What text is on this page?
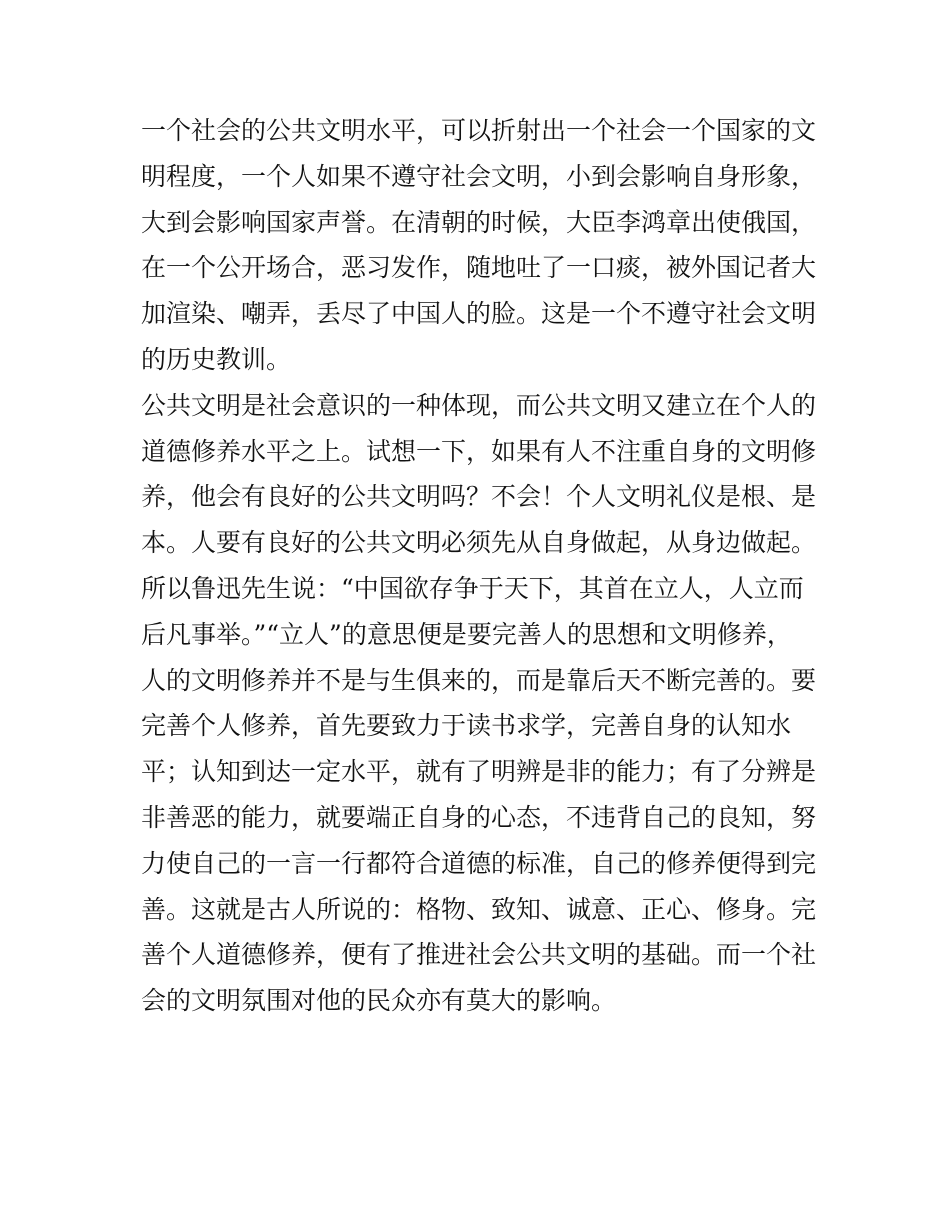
一个社会的公共文明水平，可以折射出一个社会一个国家的文
明程度，一个人如果不遵守社会文明，小到会影响自身形象，
大到会影响国家声誉。在清朝的时候，大臣李鸿章出使俄国，
在一个公开场合，恶习发作，随地吐了一口痰，被外国记者大
加渲染、嘲弄，丢尽了中国人的脸。这是一个不遵守社会文明
的历史教训。
公共文明是社会意识的一种体现，而公共文明又建立在个人的
道德修养水平之上。试想一下，如果有人不注重自身的文明修
养，他会有良好的公共文明吗？不会！个人文明礼仪是根、是
本。人要有良好的公共文明必须先从自身做起，从身边做起。
所以鲁迅先生说：“中国欲存争于天下，其首在立人，人立而
后凡事举。”“立人”的意思便是要完善人的思想和文明修养，
人的文明修养并不是与生俱来的，而是靠后天不断完善的。要
完善个人修养，首先要致力于读书求学，完善自身的认知水
平；认知到达一定水平，就有了明辨是非的能力；有了分辨是
非善恶的能力，就要端正自身的心态，不违背自己的良知，努
力使自己的一言一行都符合道德的标准，自己的修养便得到完
善。这就是古人所说的：格物、致知、诚意、正心、修身。完
善个人道德修养，便有了推进社会公共文明的基础。而一个社
会的文明氛围对他的民众亦有莫大的影响。
